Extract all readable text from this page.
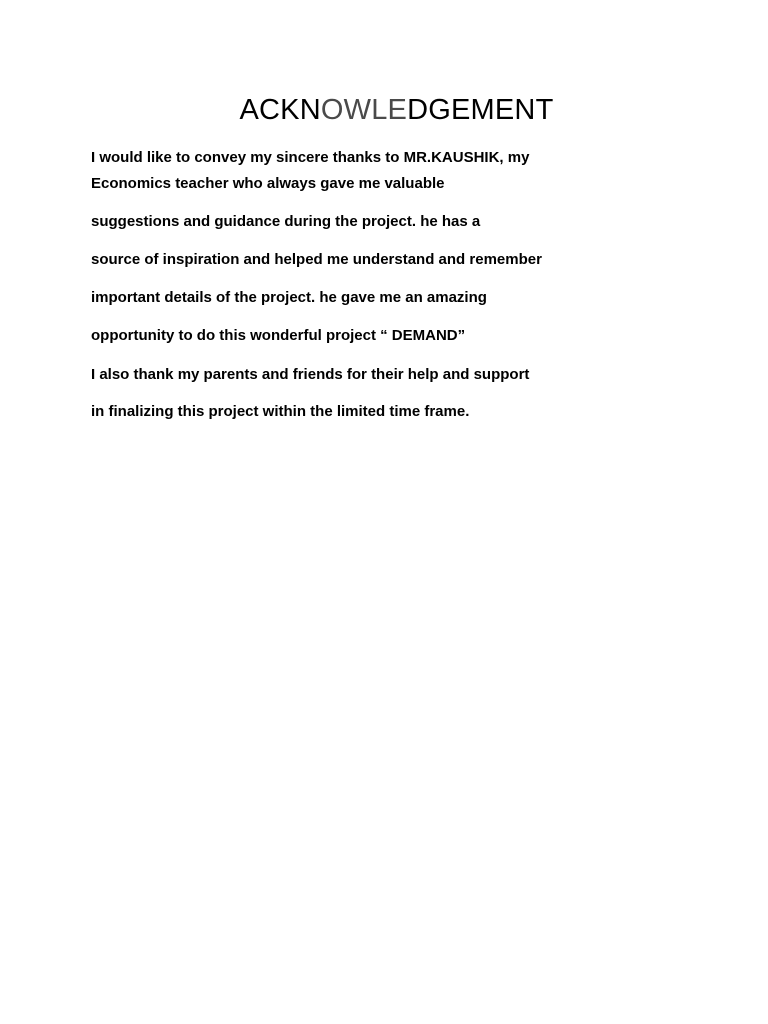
ACKNOWLEDGEMENT

I would like to convey my sincere thanks to MR.KAUSHIK, my

Economics teacher who always gave me valuable

suggestions and guidance during the project. he has a

source of inspiration and helped me understand and remember

important details of the project. he gave me an amazing

opportunity to do this wonderful project “ DEMAND”

I also thank my parents and friends for their help and support

in finalizing this project within the limited time frame.
